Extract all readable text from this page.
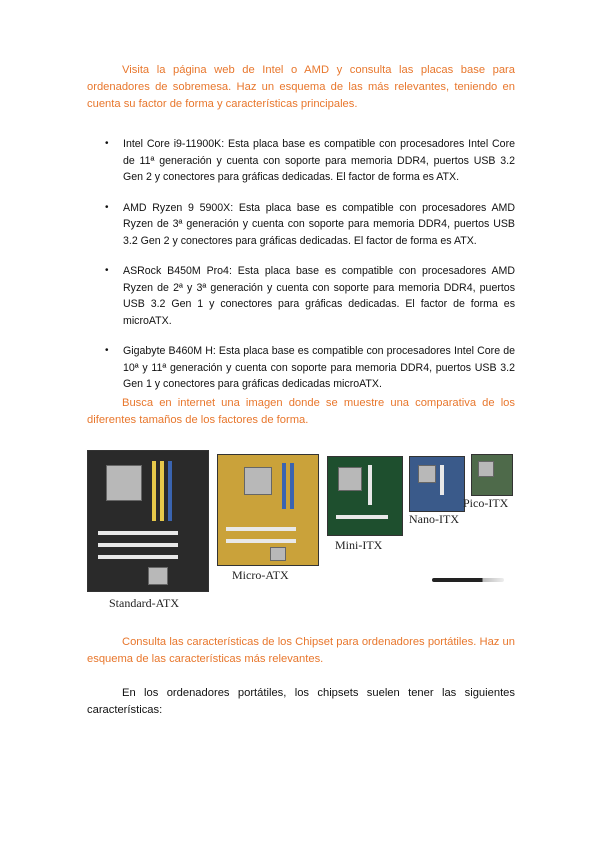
Visita la página web de Intel o AMD y consulta las placas base para ordenadores de sobremesa. Haz un esquema de las más relevantes, teniendo en cuenta su factor de forma y características principales.

• Intel Core i9-11900K: Esta placa base es compatible con procesadores Intel Core de 11ª generación y cuenta con soporte para memoria DDR4, puertos USB 3.2 Gen 2 y conectores para gráficas dedicadas. El factor de forma es ATX.
• AMD Ryzen 9 5900X: Esta placa base es compatible con procesadores AMD Ryzen de 3ª generación y cuenta con soporte para memoria DDR4, puertos USB 3.2 Gen 2 y conectores para gráficas dedicadas. El factor de forma es ATX.
• ASRock B450M Pro4: Esta placa base es compatible con procesadores AMD Ryzen de 2ª y 3ª generación y cuenta con soporte para memoria DDR4, puertos USB 3.2 Gen 1 y conectores para gráficas dedicadas. El factor de forma es microATX.
• Gigabyte B460M H: Esta placa base es compatible con procesadores Intel Core de 10ª y 11ª generación y cuenta con soporte para memoria DDR4, puertos USB 3.2 Gen 1 y conectores para gráficas dedicadas microATX.

Busca en internet una imagen donde se muestre una comparativa de los diferentes tamaños de los factores de forma.

Standard-ATX
Micro-ATX
Mini-ITX
Nano-ITX
Pico-ITX

Consulta las características de los Chipset para ordenadores portátiles. Haz un esquema de las características más relevantes.

En los ordenadores portátiles, los chipsets suelen tener las siguientes características:
